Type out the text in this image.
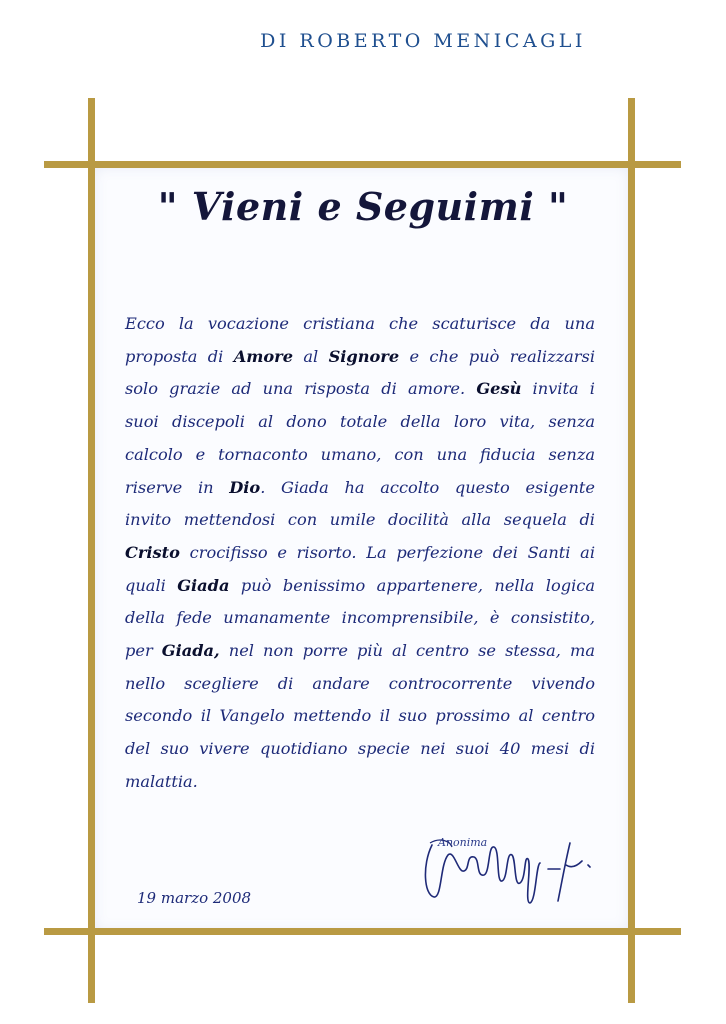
DI ROBERTO MENICAGLI
" Vieni e Seguimi "
Ecco la vocazione cristiana che scaturisce da una
proposta di Amore al Signore e che può realizzarsi
solo grazie ad una risposta di amore. Gesù invita i
suoi discepoli al dono totale della loro vita, senza
calcolo e tornaconto umano, con una fiducia senza
riserve in Dio. Giada ha accolto questo esigente
invito mettendosi con umile docilità alla sequela di
Cristo crocifisso e risorto. La perfezione dei Santi ai
quali Giada può benissimo appartenere, nella logica
della fede umanamente incomprensibile, è consistito,
per Giada, nel non porre più al centro se stessa, ma
nello scegliere di andare controcorrente vivendo
secondo il Vangelo mettendo il suo prossimo al centro
del suo vivere quotidiano specie nei suoi 40 mesi di
malattia.
19 marzo 2008
Anonima
